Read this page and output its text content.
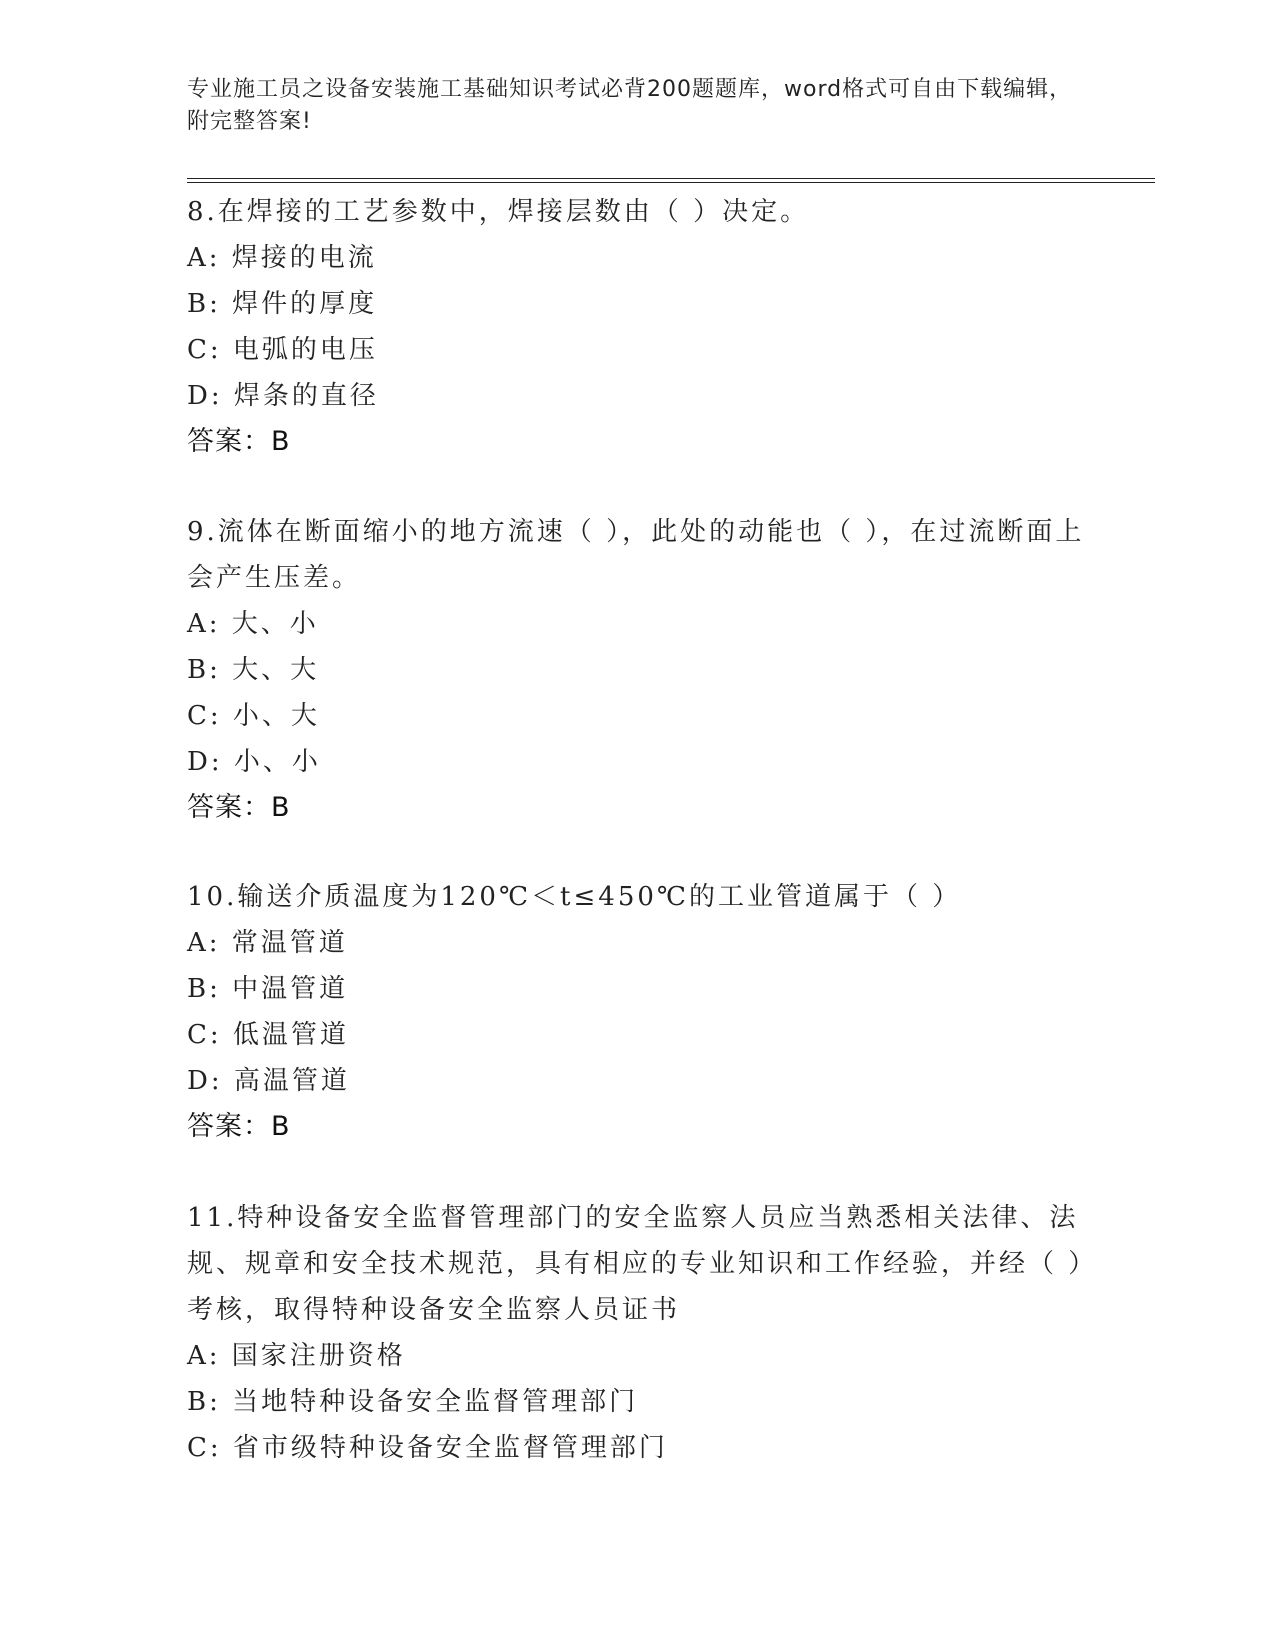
专业施工员之设备安装施工基础知识考试必背200题题库，word格式可自由下载编辑，附完整答案!

8.在焊接的工艺参数中，焊接层数由（ ）决定。

A: 焊接的电流

B: 焊件的厚度

C: 电弧的电压

D: 焊条的直径

答案：B

9.流体在断面缩小的地方流速（ ），此处的动能也（ ），在过流断面上会产生压差。

A: 大、小

B: 大、大

C: 小、大

D: 小、小

答案：B

10.输送介质温度为120℃＜t≤450℃的工业管道属于（ ）

A: 常温管道

B: 中温管道

C: 低温管道

D: 高温管道

答案：B

11.特种设备安全监督管理部门的安全监察人员应当熟悉相关法律、法规、规章和安全技术规范，具有相应的专业知识和工作经验，并经（ ）考核，取得特种设备安全监察人员证书

A: 国家注册资格

B: 当地特种设备安全监督管理部门

C: 省市级特种设备安全监督管理部门
